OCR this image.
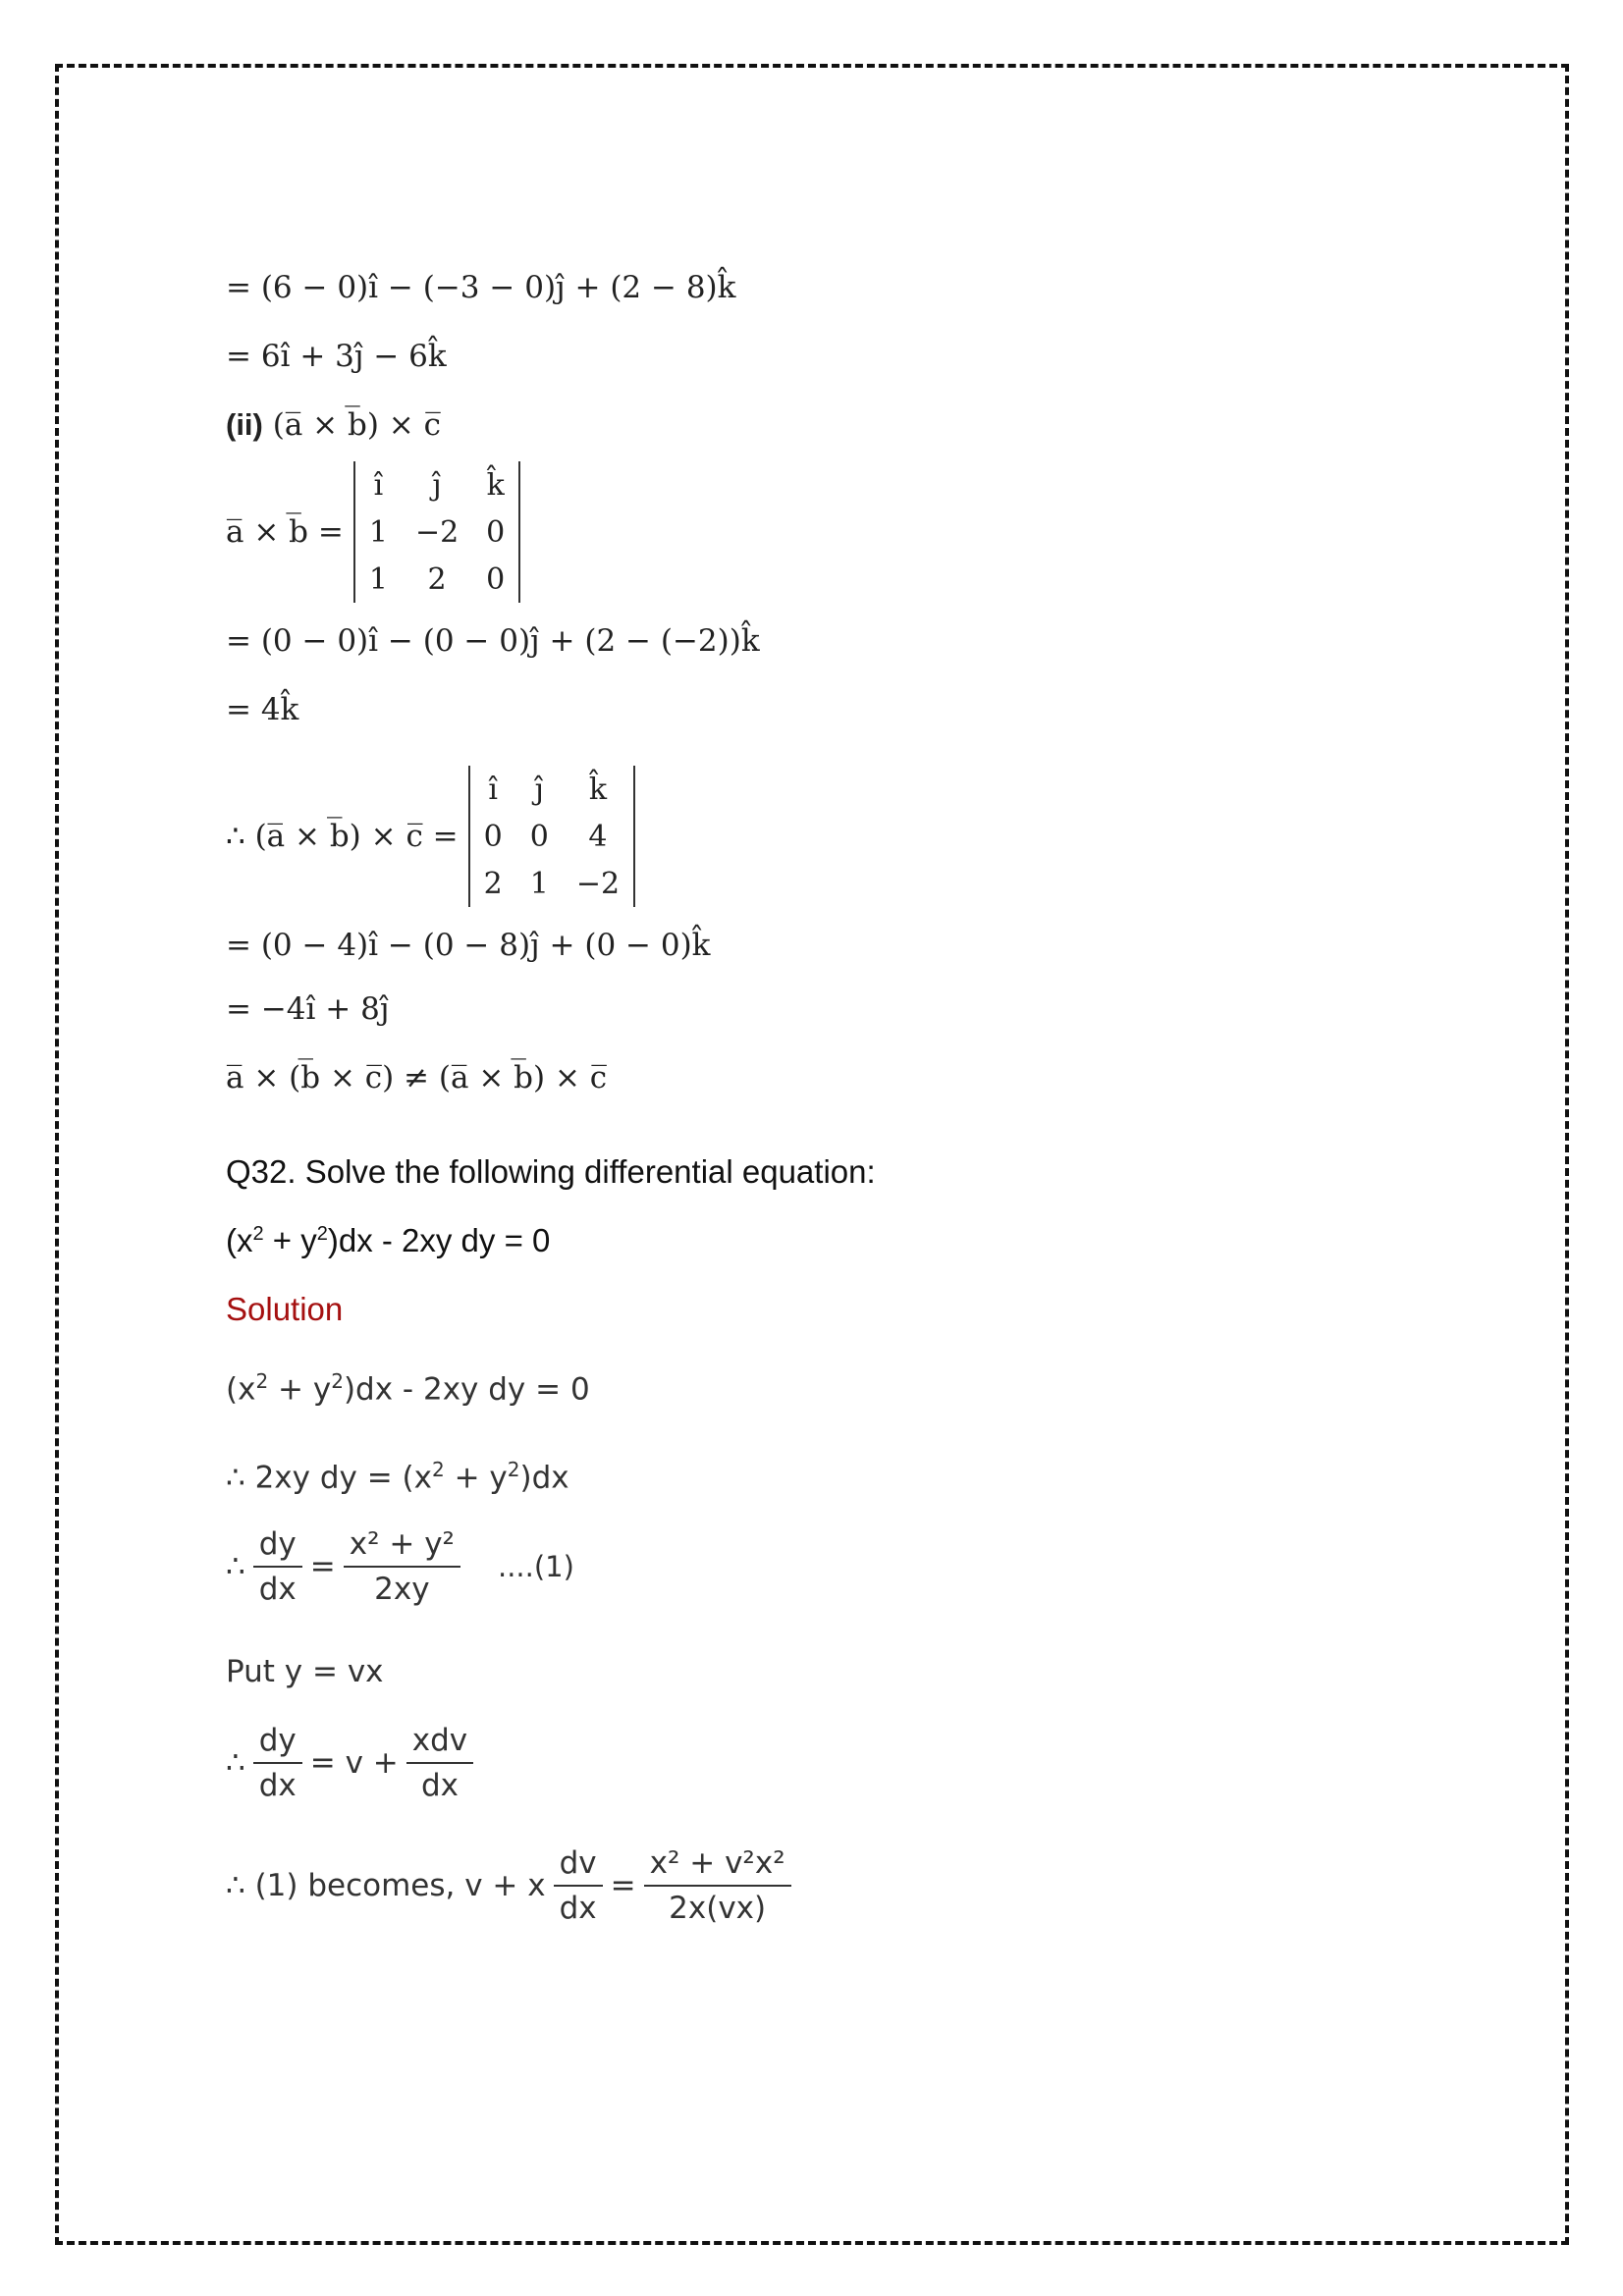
= (6 − 0)î − (−3 − 0)ĵ + (2 − 8)k̂
= 6î + 3ĵ − 6k̂
(ii) (a̅ × b̅) × c̅
a̅ × b̅ =
î	ĵ	k̂
1	−2	0
1	2	0
= (0 − 0)î − (0 − 0)ĵ + (2 − (−2))k̂
= 4k̂
∴ (a̅ × b̅) × c̅ =
î	ĵ	k̂
0	0	4
2	1	−2
= (0 − 4)î − (0 − 8)ĵ + (0 − 0)k̂
= −4î + 8ĵ
a̅ × (b̅ × c̅) ≠ (a̅ × b̅) × c̅
Q32. Solve the following differential equation:
$(x^2 + y^2)dx - 2xy$ dy = 0
Solution
$(x^2 + y^2)dx - 2xy$ dy = 0
∴ 2xy dy = $(x^2 + y^2)dx$
∴ $\frac{dy}{dx} = \frac{\text{x² + y²}}{2xy} ....(1)$
Put y = vx
∴ $\frac{dy}{dx} = v + \frac{\text{xdv}}{dx}$
∴ (1) becomes, v + x $\frac{dv}{dx} = \frac{\text{x² + v²x²}}{2x(vx)}$
